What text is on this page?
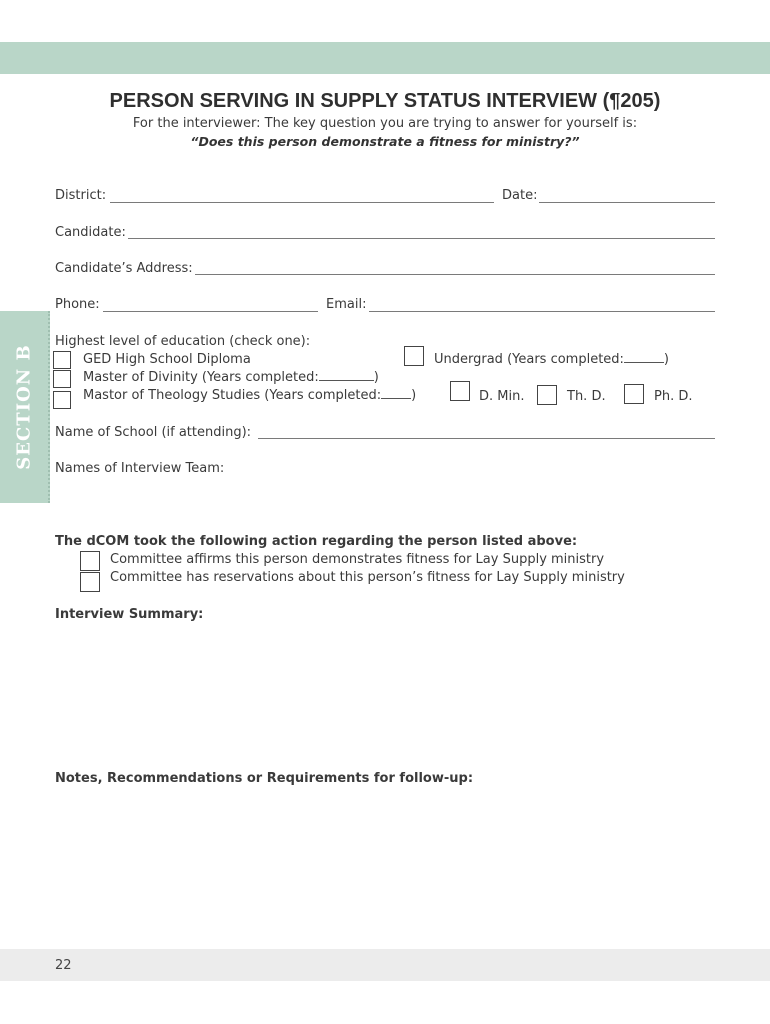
SECTION B
PERSON SERVING IN SUPPLY STATUS INTERVIEW (¶205)
For the interviewer: The key question you are trying to answer for yourself is:
“Does this person demonstrate a fitness for ministry?”
District:	Date:
Candidate:
Candidate’s Address:
Phone:	Email:
Highest level of education (check one):
GED High School Diploma
Master of Divinity (Years completed:	)
Mastor of Theology Studies (Years completed: )
Undergrad (Years completed:	)
D. Min.	Th. D.	Ph. D.
Name of School (if attending):
Names of Interview Team:
The dCOM took the following action regarding the person listed above:
Committee affirms this person demonstrates fitness for Lay Supply ministry
Committee has reservations about this person’s fitness for Lay Supply ministry
Interview Summary:
Notes, Recommendations or Requirements for follow-up:
22
